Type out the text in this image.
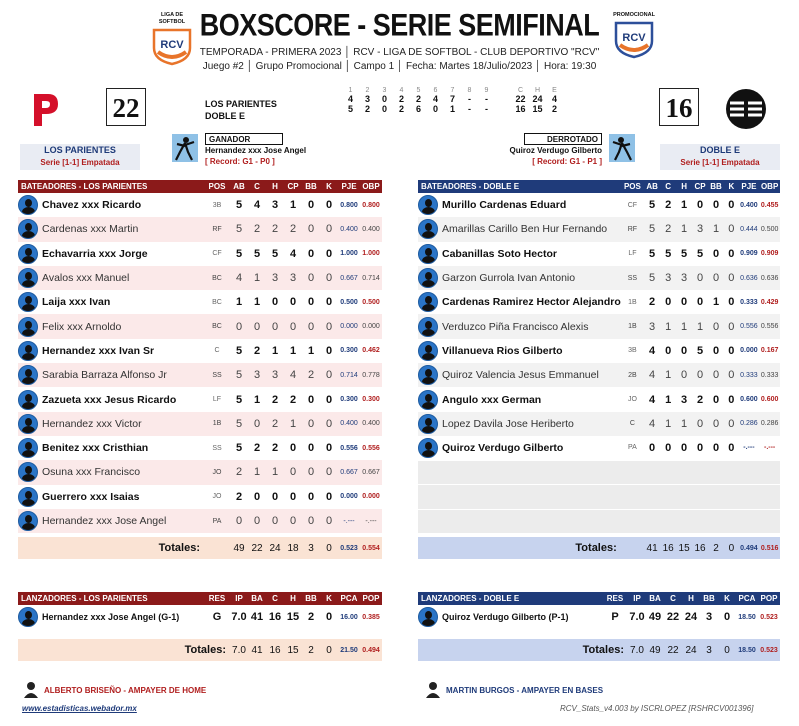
LIGA DE SOFTBOL
RCV
PROMOCIONAL
RCV
BOXSCORE - SERIE SEMIFINAL
TEMPORADA - PRIMERA 2023 │ RCV - LIGA DE SOFTBOL - CLUB DEPORTIVO "RCV"
Juego #2 │ Grupo Promocional │ Campo 1 │ Fecha: Martes 18/Julio/2023 │ Hora: 19:30
22	16
LOS PARIENTES
DOBLE E
1	2	3	4	5	6	7	8	9		C	H	E
4	3	0	2	2	4	7	-	-		22	24	4
5	2	0	2	6	0	1	-	-		16	15	2
LOS PARIENTES
Serie [1-1] Empatada
DOBLE E
Serie [1-1] Empatada
GANADOR
Hernandez xxx Jose Angel
[ Record: G1 - P0 ]
DERROTADO
Quiroz Verdugo Gilberto
[ Record: G1 - P1 ]
BATEADORES - LOS PARIENTES	POS	AB	C	H	CP	BB	K	PJE	OBP

Chavez xxx Ricardo	3B	5	4	3	1	0	0	0.800	0.800

Cardenas xxx Martin	RF	5	2	2	2	0	0	0.400	0.400

Echavarria xxx Jorge	CF	5	5	5	4	0	0	1.000	1.000

Avalos xxx Manuel	BC	4	1	3	3	0	0	0.667	0.714

Laija xxx Ivan	BC	1	1	0	0	0	0	0.500	0.500

Felix xxx Arnoldo	BC	0	0	0	0	0	0	0.000	0.000

Hernandez xxx Ivan Sr	C	5	2	1	1	1	0	0.300	0.462

Sarabia Barraza Alfonso Jr	SS	5	3	3	4	2	0	0.714	0.778

Zazueta xxx Jesus Ricardo	LF	5	1	2	2	0	0	0.300	0.300

Hernandez xxx Victor	1B	5	0	2	1	0	0	0.400	0.400

Benitez xxx Cristhian	SS	5	2	2	0	0	0	0.556	0.556

Osuna xxx Francisco	JO	2	1	1	0	0	0	0.667	0.667

Guerrero xxx Isaias	JO	2	0	0	0	0	0	0.000	0.000

Hernandez xxx Jose Angel	PA	0	0	0	0	0	0	-.---	-.---

Totales:		49	22	24	18	3	0	0.523	0.554
BATEADORES - DOBLE E	POS	AB	C	H	CP	BB	K	PJE	OBP

Murillo Cardenas Eduard	CF	5	2	1	0	0	0	0.400	0.455

Amarillas Carillo Ben Hur Fernando	RF	5	2	1	3	1	0	0.444	0.500

Cabanillas Soto Hector	LF	5	5	5	5	0	0	0.909	0.909

Garzon Gurrola Ivan Antonio	SS	5	3	3	0	0	0	0.636	0.636

Cardenas Ramirez Hector Alejandro	1B	2	0	0	0	1	0	0.333	0.429

Verduzco Piña Francisco Alexis	1B	3	1	1	1	0	0	0.556	0.556

Villanueva Rios Gilberto	3B	4	0	0	5	0	0	0.000	0.167

Quiroz Valencia Jesus Emmanuel	2B	4	1	0	0	0	0	0.333	0.333

Angulo xxx German	JO	4	1	3	2	0	0	0.600	0.600

Lopez Davila Jose Heriberto	C	4	1	1	0	0	0	0.286	0.286

Quiroz Verdugo Gilberto	PA	0	0	0	0	0	0	-.---	-.---

Totales:		41	16	15	16	2	0	0.494	0.516
LANZADORES - LOS PARIENTES	RES	IP	BA	C	H	BB	K	PCA	POP

Hernandez xxx Jose Angel (G-1)	G	7.0	41	16	15	2	0	16.00	0.385

Totales:		7.0	41	16	15	2	0	21.50	0.494
LANZADORES - DOBLE E	RES	IP	BA	C	H	BB	K	PCA	POP

Quiroz Verdugo Gilberto (P-1)	P	7.0	49	22	24	3	0	18.50	0.523

Totales:		7.0	49	22	24	3	0	18.50	0.523
ALBERTO BRISEÑO - AMPAYER DE HOME	MARTIN BURGOS - AMPAYER EN BASES
www.estadisticas.webador.mx	RCV_Stats_v4.003 by ISCRLOPEZ [RSHRCV001396]
